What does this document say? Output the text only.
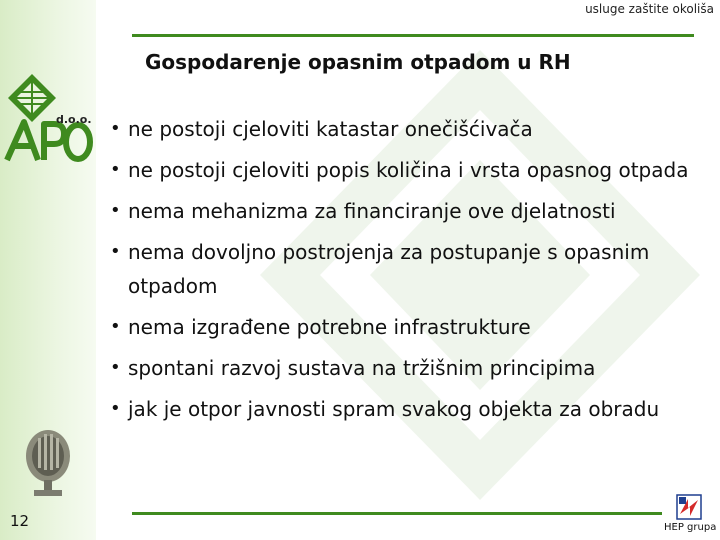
usluge zaštite okoliša
Gospodarenje opasnim otpadom u RH
d.o.o. • ne postoji cjeloviti katastar onečišćivača
• ne postoji cjeloviti popis količina i vrsta opasnog otpada
• nema mehanizma za financiranje ove djelatnosti
• nema dovoljno postrojenja za postupanje s opasnim otpadom
• nema izgrađene potrebne infrastrukture
• spontani razvoj sustava na tržišnim principima
• jak je otpor javnosti spram svakog objekta za obradu
12	HEP grupa
